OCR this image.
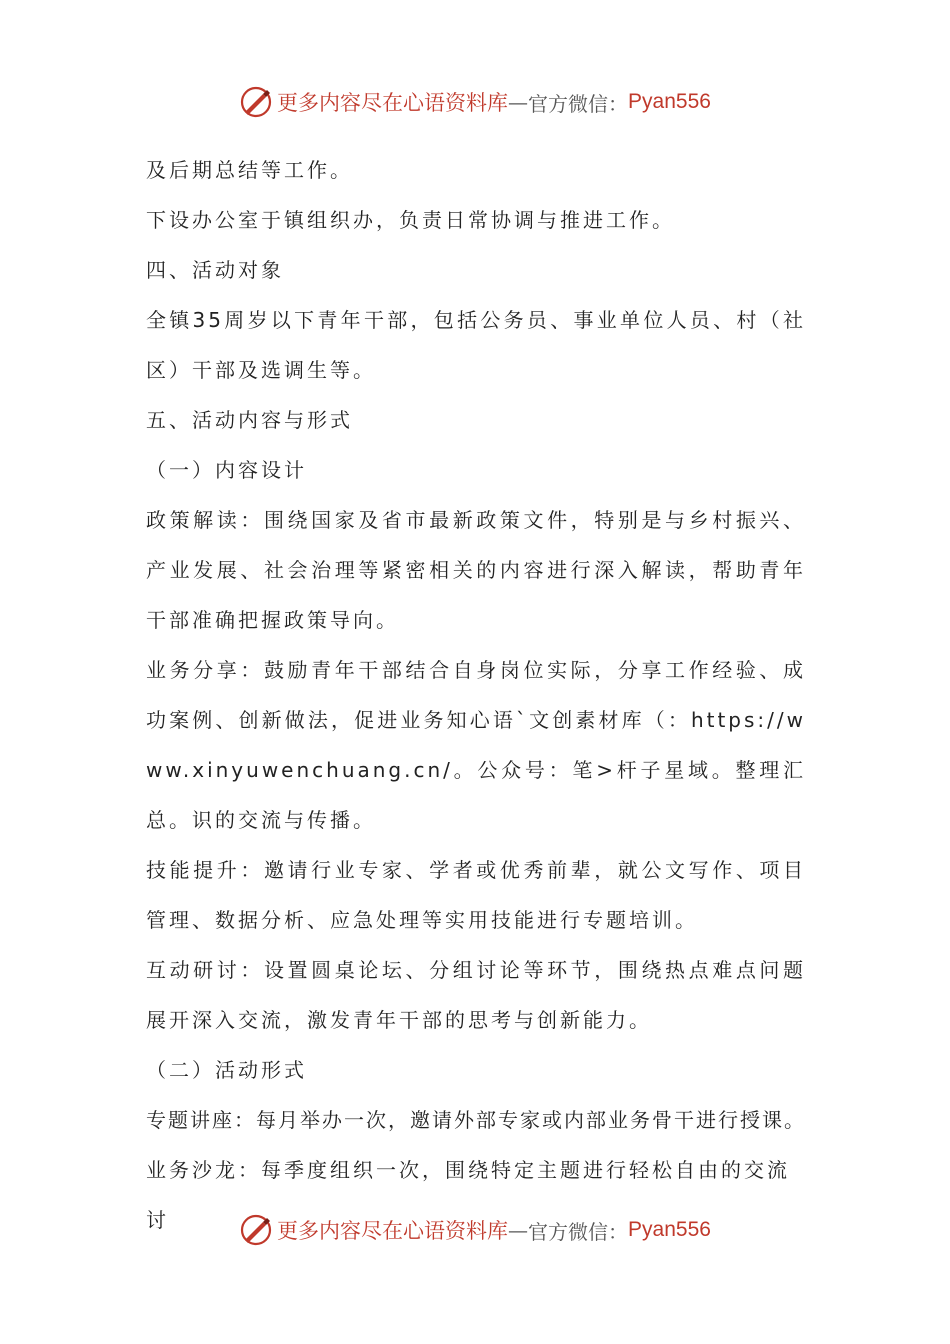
更多内容尽在心语资料库 — 官方微信： Pyan556

及后期总结等工作。

下设办公室于镇组织办，负责日常协调与推进工作。

四、活动对象

全镇35周岁以下青年干部，包括公务员、事业单位人员、村（社区）干部及选调生等。

五、活动内容与形式

（一）内容设计

政策解读：围绕国家及省市最新政策文件，特别是与乡村振兴、产业发展、社会治理等紧密相关的内容进行深入解读，帮助青年干部准确把握政策导向。

业务分享：鼓励青年干部结合自身岗位实际，分享工作经验、成功案例、创新做法，促进业务知心语`文创素材库（：https://www.xinyuwenchuang.cn/。公众号：笔>杆子星域。整理汇总。识的交流与传播。

技能提升：邀请行业专家、学者或优秀前辈，就公文写作、项目管理、数据分析、应急处理等实用技能进行专题培训。

互动研讨：设置圆桌论坛、分组讨论等环节，围绕热点难点问题展开深入交流，激发青年干部的思考与创新能力。

（二）活动形式

专题讲座：每月举办一次，邀请外部专家或内部业务骨干进行授课。

业务沙龙：每季度组织一次，围绕特定主题进行轻松自由的交流讨	更多内容尽在心语资料库 — 官方微信： Pyan556
